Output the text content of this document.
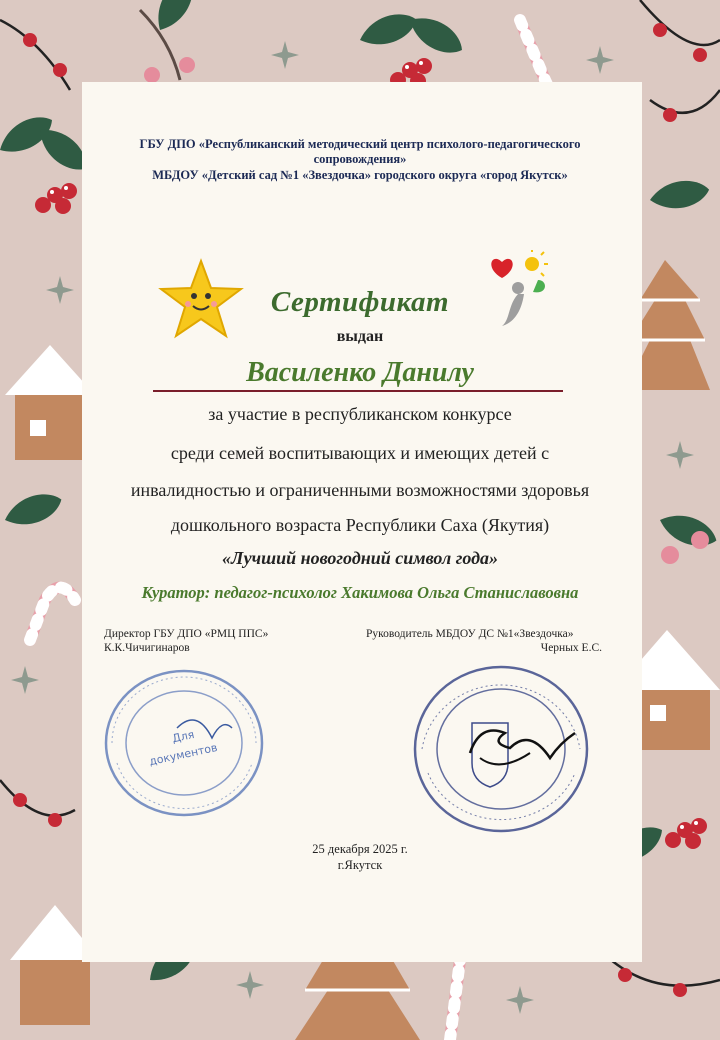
ГБУ ДПО «Республиканский методический центр психолого-педагогического
сопровождения»
МБДОУ «Детский сад №1 «Звездочка» городского округа «город Якутск»
Сертификат
выдан
Василенко Данилу
за участие в республиканском конкурсе
среди семей воспитывающих и имеющих детей с
инвалидностью и ограниченными возможностями здоровья
дошкольного возраста Республики Саха (Якутия)
«Лучший новогодний символ года»
Куратор: педагог-психолог Хакимова Ольга Станиславовна
Директор ГБУ ДПО «РМЦ ППС»
К.К.Чичигинаров
Руководитель МБДОУ ДС №1«Звездочка»
Черных Е.С.
Для
документов
25 декабря 2025 г.
г.Якутск
